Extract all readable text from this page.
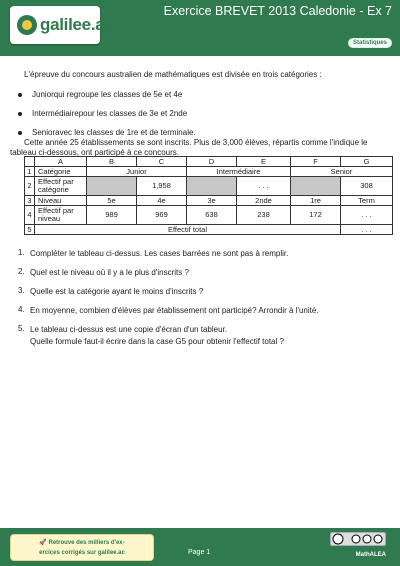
galilee.ac
Exercice BREVET 2013 Caledonie - Ex 7
Statistiques
L'épreuve du concours australien de mathématiques est divisée en trois catégories :
Junior qui regroupe les classes de 5e et 4e
Intermédiaire pour les classes de 3e et 2nde
Senior avec les classes de 1re et de terminale.
Cette année 25 établissements se sont inscrits. Plus de 3,000 élèves, répartis comme l'indique le
tableau ci-dessous, ont participé à ce concours.
	A	B	C	D	E	F	G
1	Catégorie	Junior		Intermédiaire		Senior	
2	Effectif par catégorie		1,958		. . .		308
3	Niveau	5e	4e	3e	2nde	1re	Term
4	Effectif par niveau	989	969	638	238	172	. . .
5	Effectif total						. . .
1. Compléter le tableau ci-dessus. Les cases barrées ne sont pas à remplir.
2. Quel est le niveau où il y a le plus d'inscrits ?
3. Quelle est la catégorie ayant le moins d'inscrits ?
4. En moyenne, combien d'élèves par établissement ont participé? Arrondir à l'unité.
5. Le tableau ci-dessus est une copie d'écran d'un tableur.
Quelle formule faut-il écrire dans la case G5 pour obtenir l'effectif total ?
🚀 Retrouve des milliers d'ex-
ercices corrigés sur galilee.ac	Page 1	MathALEA
